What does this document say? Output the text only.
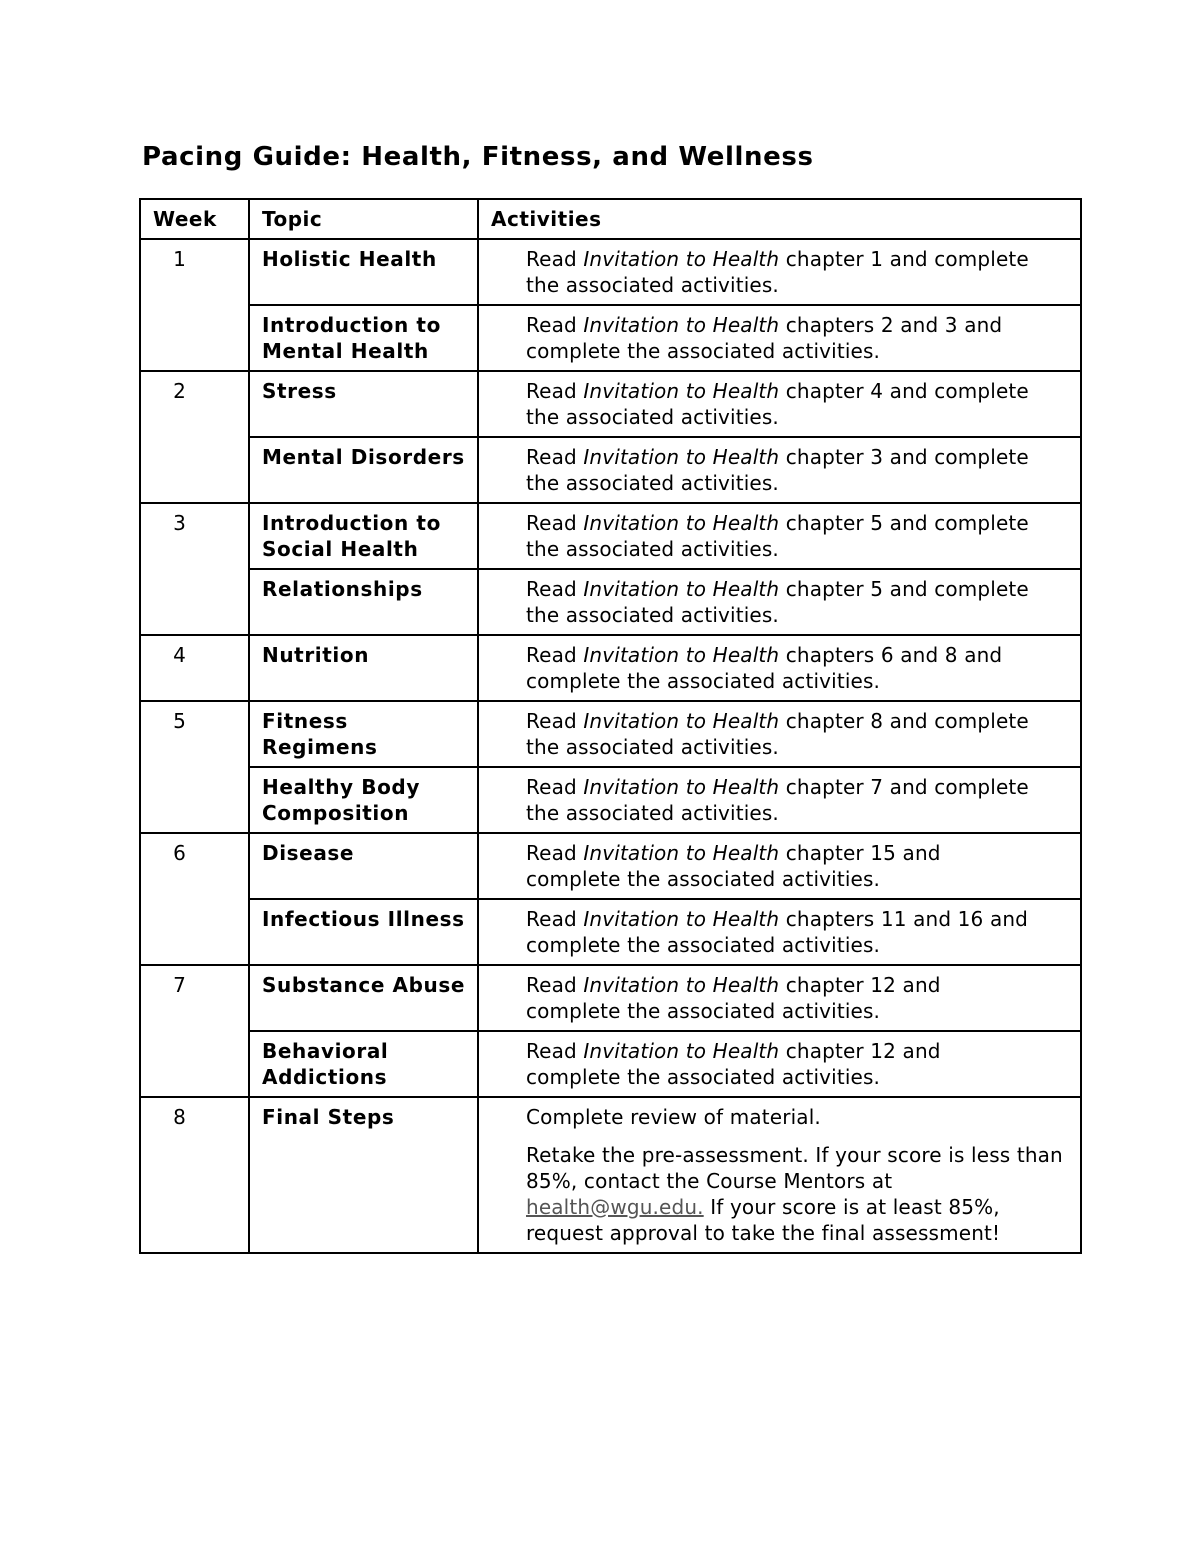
Pacing Guide: Health, Fitness, and Wellness
Week	Topic	Activities
1	Holistic Health	Read Invitation to Health chapter 1 and complete
the associated activities.

	Introduction to Mental Health	Read Invitation to Health chapters 2 and 3 and
complete the associated activities.

2	Stress	Read Invitation to Health chapter 4 and complete
the associated activities.

	Mental Disorders	Read Invitation to Health chapter 3 and complete
the associated activities.

3	Introduction to Social Health	Read Invitation to Health chapter 5 and complete
the associated activities.

	Relationships	Read Invitation to Health chapter 5 and complete
the associated activities.

4	Nutrition	Read Invitation to Health chapters 6 and 8 and
complete the associated activities.

5	Fitness Regimens	Read Invitation to Health chapter 8 and complete
the associated activities.

	Healthy Body Composition	Read Invitation to Health chapter 7 and complete
the associated activities.

6	Disease	Read Invitation to Health chapter 15 and
complete the associated activities.

	Infectious Illness	Read Invitation to Health chapters 11 and 16 and
complete the associated activities.

7	Substance Abuse	Read Invitation to Health chapter 12 and
complete the associated activities.

	Behavioral Addictions	Read Invitation to Health chapter 12 and
complete the associated activities.

8	Final Steps	Complete review of material.
Retake the pre-assessment. If your score is less than 85%, contact the Course Mentors at health@wgu.edu. If your score is at least 85%, request approval to take the final assessment!
